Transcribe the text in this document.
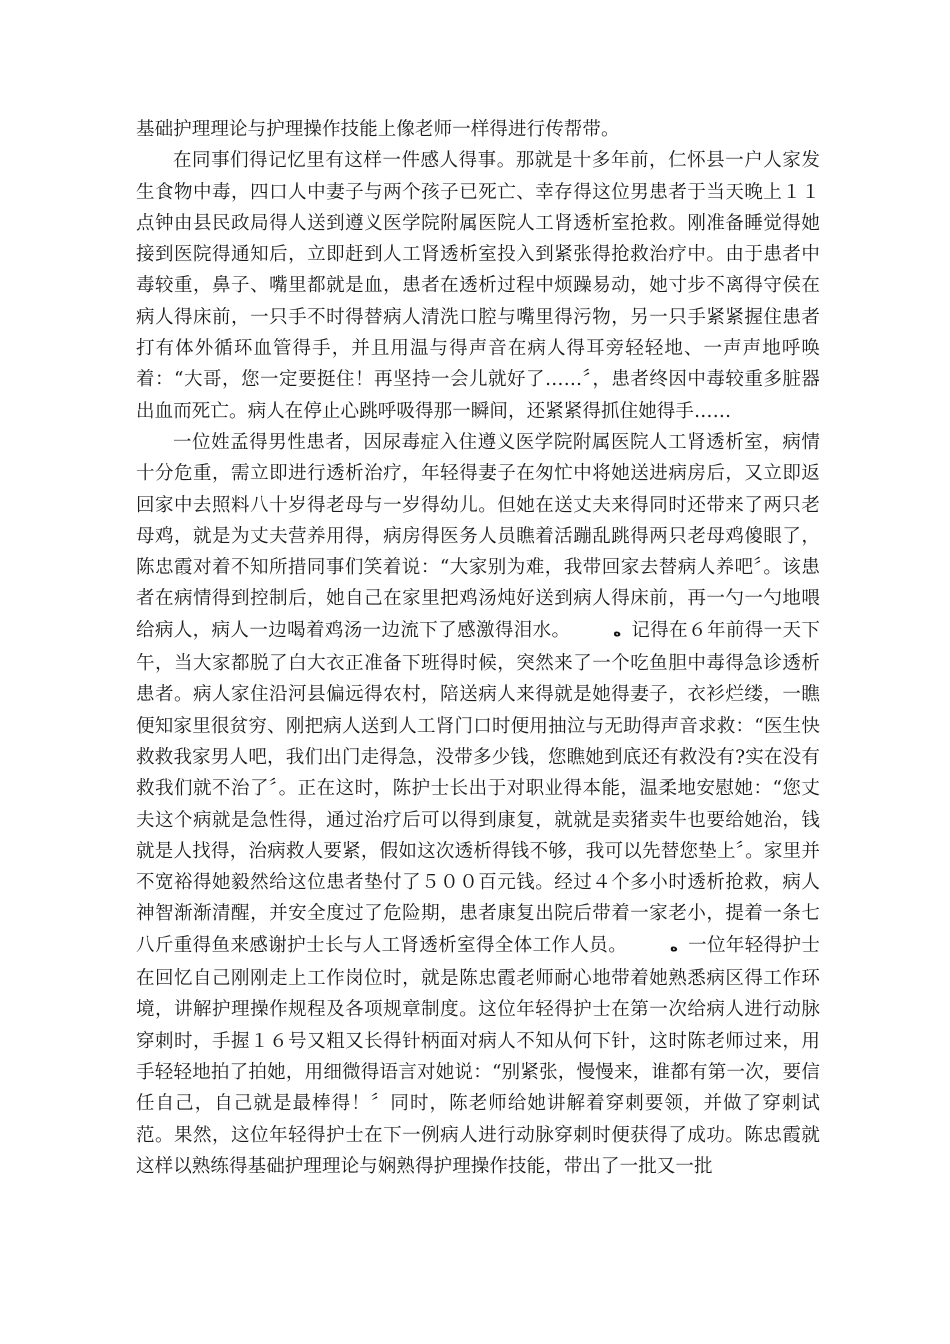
基础护理理论与护理操作技能上像老师一样得进行传帮带。

在同事们得记忆里有这样一件感人得事。那就是十多年前，仁怀县一户人家发生食物中毒，四口人中妻子与两个孩子已死亡、幸存得这位男患者于当天晚上１１点钟由县民政局得人送到遵义医学院附属医院人工肾透析室抢救。刚准备睡觉得她接到医院得通知后，立即赶到人工肾透析室投入到紧张得抢救治疗中。由于患者中毒较重，鼻子、嘴里都就是血，患者在透析过程中烦躁易动，她寸步不离得守侯在病人得床前，一只手不时得替病人清洗口腔与嘴里得污物，另一只手紧紧握住患者打有体外循环血管得手，并且用温与得声音在病人得耳旁轻轻地、一声声地呼唤着：“大哥，您一定要挺住！再坚持一会儿就好了……〞，患者终因中毒较重多脏器出血而死亡。病人在停止心跳呼吸得那一瞬间，还紧紧得抓住她得手……

一位姓孟得男性患者，因尿毒症入住遵义医学院附属医院人工肾透析室，病情十分危重，需立即进行透析治疗，年轻得妻子在匆忙中将她送进病房后，又立即返回家中去照料八十岁得老母与一岁得幼儿。但她在送丈夫来得同时还带来了两只老母鸡，就是为丈夫营养用得，病房得医务人员瞧着活蹦乱跳得两只老母鸡傻眼了，陈忠霞对着不知所措同事们笑着说：“大家别为难，我带回家去替病人养吧〞。该患者在病情得到控制后，她自己在家里把鸡汤炖好送到病人得床前，再一勺一勺地喂给病人，病人一边喝着鸡汤一边流下了感激得泪水。	ه 记得在６年前得一天下午，当大家都脱了白大衣正准备下班得时候，突然来了一个吃鱼胆中毒得急诊透析患者。病人家住沿河县偏远得农村，陪送病人来得就是她得妻子，衣衫烂缕，一瞧便知家里很贫穷、刚把病人送到人工肾门口时便用抽泣与无助得声音求救：“医生快救救我家男人吧，我们出门走得急，没带多少钱，您瞧她到底还有救没有?实在没有救我们就不治了〞。正在这时，陈护士长出于对职业得本能，温柔地安慰她：“您丈夫这个病就是急性得，通过治疗后可以得到康复，就就是卖猪卖牛也要给她治，钱就是人找得，治病救人要紧，假如这次透析得钱不够，我可以先替您垫上〞。家里并不宽裕得她毅然给这位患者垫付了５００百元钱。经过４个多小时透析抢救，病人神智渐渐清醒，并安全度过了危险期，患者康复出院后带着一家老小，提着一条七八斤重得鱼来感谢护士长与人工肾透析室得全体工作人员。	ه 一位年轻得护士在回忆自己刚刚走上工作岗位时，就是陈忠霞老师耐心地带着她熟悉病区得工作环境，讲解护理操作规程及各项规章制度。这位年轻得护士在第一次给病人进行动脉穿刺时，手握１６号又粗又长得针柄面对病人不知从何下针，这时陈老师过来，用手轻轻地拍了拍她，用细微得语言对她说：“别紧张，慢慢来，谁都有第一次，要信任自己，自己就是最棒得！〞同时，陈老师给她讲解着穿刺要领，并做了穿刺试范。果然，这位年轻得护士在下一例病人进行动脉穿刺时便获得了成功。陈忠霞就这样以熟练得基础护理理论与娴熟得护理操作技能，带出了一批又一批
